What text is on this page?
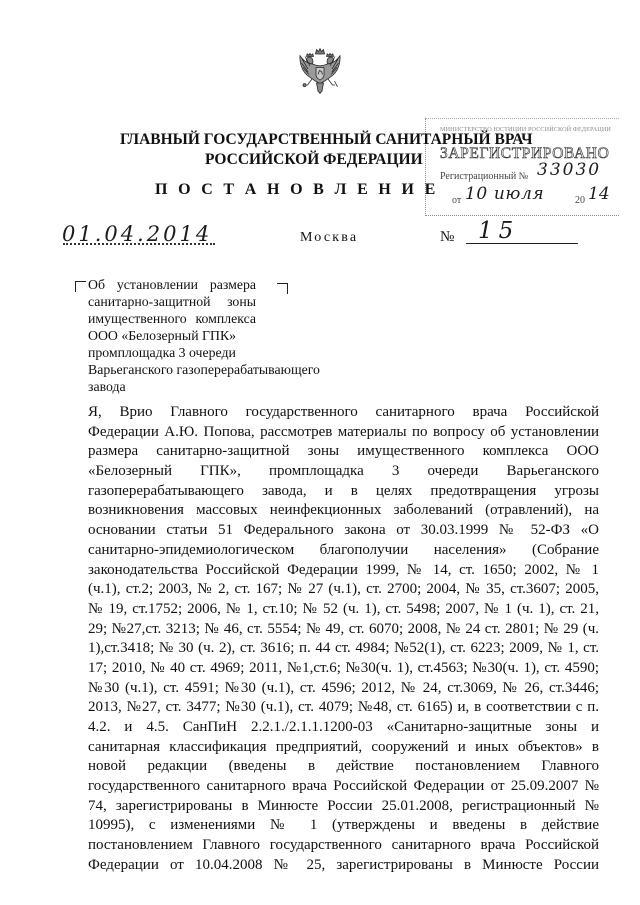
ГЛАВНЫЙ ГОСУДАРСТВЕННЫЙ САНИТАРНЫЙ ВРАЧ
РОССИЙСКОЙ ФЕДЕРАЦИИ
П О С Т А Н О В Л Е Н И Е
МИНИСТЕРСТВО ЮСТИЦИИ РОССИЙСКОЙ ФЕДЕРАЦИИ
ЗАРЕГИСТРИРОВАНО
Регистрационный № 33030
от 10 июля	20 14
01.04.2014	Москва	№ 15
Об установлении размера
санитарно-защитной зоны
имущественного комплекса
ООО «Белозерный ГПК»
промплощадка 3 очереди
Варьеганского газоперерабатывающего
завода
Я, Врио Главного государственного санитарного врача Российской
Федерации А.Ю. Попова, рассмотрев материалы по вопросу об установлении
размера санитарно-защитной зоны имущественного комплекса ООО
«Белозерный ГПК», промплощадка 3 очереди Варьеганского
газоперерабатывающего завода, и в целях предотвращения угрозы
возникновения массовых неинфекционных заболеваний (отравлений), на
основании статьи 51 Федерального закона от 30.03.1999 № 52-ФЗ «О
санитарно-эпидемиологическом благополучии населения» (Собрание
законодательства Российской Федерации 1999, № 14, ст. 1650; 2002, № 1
(ч.1), ст.2; 2003, № 2, ст. 167; № 27 (ч.1), ст. 2700; 2004, № 35, ст.3607; 2005,
№ 19, ст.1752; 2006, № 1, ст.10; № 52 (ч. 1), ст. 5498; 2007, № 1 (ч. 1), ст. 21,
29; №27,ст. 3213; № 46, ст. 5554; № 49, ст. 6070; 2008, № 24 ст. 2801; № 29 (ч.
1),ст.3418; № 30 (ч. 2), ст. 3616; п. 44 ст. 4984; №52(1), ст. 6223; 2009, № 1, ст.
17; 2010, № 40 ст. 4969; 2011, №1,ст.6; №30(ч. 1), ст.4563; №30(ч. 1), ст. 4590;
№30 (ч.1), ст. 4591; №30 (ч.1), ст. 4596; 2012, № 24, ст.3069, № 26, ст.3446;
2013, №27, ст. 3477; №30 (ч.1), ст. 4079; №48, ст. 6165) и, в соответствии с п.
4.2. и 4.5. СанПиН 2.2.1./2.1.1.1200-03 «Санитарно-защитные зоны и
санитарная классификация предприятий, сооружений и иных объектов» в
новой редакции (введены в действие постановлением Главного
государственного санитарного врача Российской Федерации от 25.09.2007 №
74, зарегистрированы в Минюсте России 25.01.2008, регистрационный №
10995), с изменениями № 1 (утверждены и введены в действие
постановлением Главного государственного санитарного врача Российской
Федерации от 10.04.2008 № 25, зарегистрированы в Минюсте России
